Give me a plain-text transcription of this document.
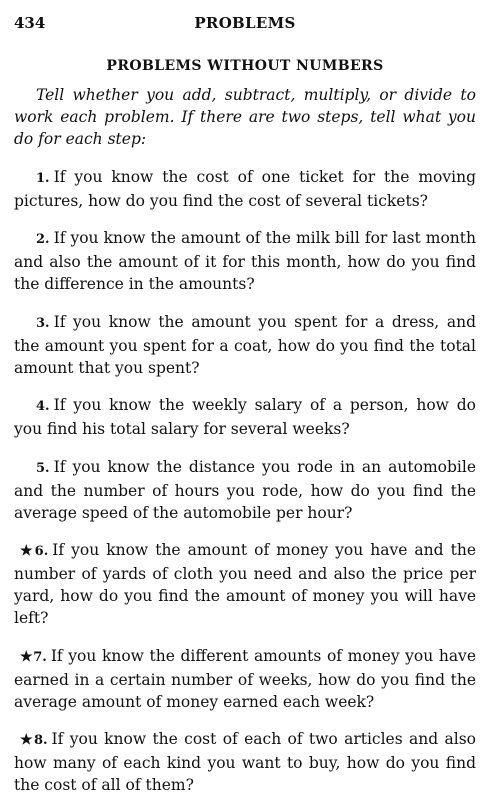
434	PROBLEMS
PROBLEMS WITHOUT NUMBERS
Tell whether you add, subtract, multiply, or divide to work each problem. If there are two steps, tell what you do for each step:

1. If you know the cost of one ticket for the moving pictures, how do you find the cost of several tickets?

2. If you know the amount of the milk bill for last month and also the amount of it for this month, how do you find the difference in the amounts?

3. If you know the amount you spent for a dress, and the amount you spent for a coat, how do you find the total amount that you spent?

4. If you know the weekly salary of a person, how do you find his total salary for several weeks?

5. If you know the distance you rode in an automobile and the number of hours you rode, how do you find the average speed of the automobile per hour?

★6. If you know the amount of money you have and the number of yards of cloth you need and also the price per yard, how do you find the amount of money you will have left?

★7. If you know the different amounts of money you have earned in a certain number of weeks, how do you find the average amount of money earned each week?

★8. If you know the cost of each of two articles and also how many of each kind you want to buy, how do you find the cost of all of them?
